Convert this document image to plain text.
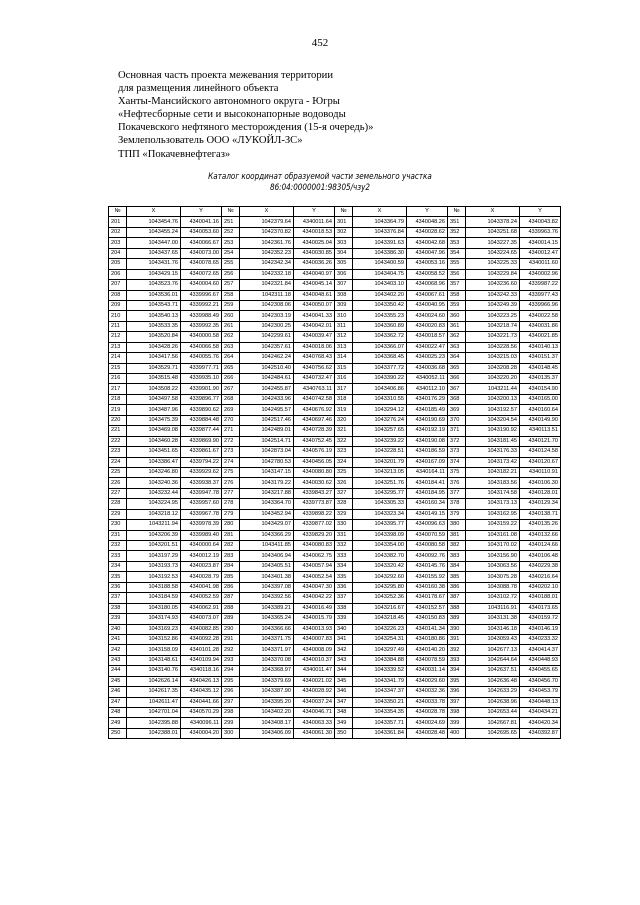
452
Основная часть проекта межевания территории
для размещения линейного объекта
Ханты-Мансийского автономного округа - Югры
«Нефтесборные сети и высоконапорные водоводы
Покачевского нефтяного месторождения (15-я очередь)»
Землепользователь ООО «ЛУКОЙЛ-ЗС»
ТПП «Покачевнефтегаз»
Каталог координат образуемой части земельного участка
86:04:0000001:98305/чзу2
№	X	Y	№	X	Y	№	X	Y	№	X	Y
201	1043454.76	4340041.16	251	1042379.64	4340011.64	301	1043364.79	4340048.26	351	1043378.24	4340043.82
202	1043455.24	4340053.60	252	1042370.82	4340018.53	302	1043376.84	4340028.62	352	1043251.68	4339963.76
203	1043447.00	4340066.67	253	1042361.76	4340025.04	303	1043391.63	4340042.68	353	1043227.35	4340014.15
204	1043437.65	4340073.00	254	1042352.23	4340030.85	304	1043386.30	4340047.96	354	1043224.65	4340012.47
205	1043431.76	4340078.65	255	1042342.34	4340036.26	305	1043400.59	4340053.16	355	1043225.33	4340011.60
206	1043429.15	4340072.65	256	1042332.18	4340040.97	306	1043404.75	4340058.52	356	1043229.84	4340002.96
207	1043523.76	4340004.60	257	1042321.84	4340045.14	307	1043403.10	4340068.96	357	1043236.60	4339987.22
208	1043536.01	4339996.67	258	1042311.18	4340048.61	308	1043402.20	4340067.61	358	1043242.33	4339977.43
209	1043543.71	4339992.21	259	1042308.06	4340050.07	309	1043350.42	4340040.95	359	1043249.39	4339966.96
210	1043540.13	4339988.49	260	1042303.19	4340041.33	310	1043355.23	4340024.60	360	1043223.25	4340022.58
211	1043533.35	4339992.35	261	1042300.25	4340042.01	311	1043360.89	4340020.83	361	1043218.74	4340031.86
212	1043520.84	4340000.58	262	1042299.61	4340039.47	312	1043362.72	4340018.57	362	1043221.73	4340021.85
213	1043428.26	4340066.58	263	1042357.61	4340018.06	313	1043366.07	4340022.47	363	1043228.56	4340140.13
214	1043417.56	4340055.76	264	1042462.24	4340768.43	314	1043368.45	4340025.23	364	1043215.03	4340151.37
215	1043529.71	4339977.71	265	1042510.40	4340756.62	315	1043377.72	4340036.68	365	1043208.28	4340148.45
216	1043515.48	4339935.10	266	1042484.61	4340732.47	316	1043390.22	4340052.11	366	1043220.20	4340135.37
217	1043508.22	4339901.90	267	1042455.87	4340763.11	317	1043406.86	4340112.10	367	1043211.44	4340154.90
218	1043497.58	4339896.77	268	1042433.96	4340742.58	318	1043310.55	4340176.29	368	1043200.13	4340165.00
219	1043487.96	4339890.62	269	1042495.57	4340676.92	319	1043294.12	4340185.49	369	1043192.57	4340160.64
220	1043475.39	4339884.48	270	1042517.46	4340697.46	320	1043276.24	4340190.69	370	1043204.54	4340149.90
221	1043469.08	4339877.44	271	1042489.01	4340728.39	321	1043257.65	4340192.19	371	1043190.92	4340113.51
222	1043460.28	4339869.90	272	1042514.71	4340752.45	322	1043239.22	4340190.08	372	1043181.45	4340121.70
223	1043451.65	4339861.67	273	1042873.04	4340576.19	323	1043228.51	4340186.59	373	1043176.33	4340124.58
224	1043386.47	4339794.22	274	1042780.53	4340456.05	324	1043201.79	4340167.09	374	1043173.42	4340120.67
225	1043246.80	4339929.62	275	1043147.15	4340080.80	325	1043213.05	4340164.11	375	1043182.21	4340110.91
226	1043240.36	4339938.37	276	1043179.22	4340030.62	326	1043251.76	4340184.41	376	1043183.56	4340106.30
227	1043232.44	4339947.78	277	1043217.88	4339843.27	327	1043295.77	4340184.95	377	1043174.58	4340128.01
228	1043224.95	4339957.60	278	1043364.70	4339773.87	328	1043305.33	4340160.34	378	1043173.13	4340129.34
229	1043218.12	4339967.78	279	1043452.94	4339898.22	329	1043323.34	4340149.15	379	1043162.95	4340138.71
230	1043211.94	4339978.39	280	1043429.07	4339877.02	330	1043395.77	4340096.63	380	1043159.22	4340135.26
231	1043206.39	4339989.40	281	1043366.29	4339829.20	331	1043398.09	4340070.59	381	1043161.08	4340132.66
232	1043201.51	4340000.64	282	1043411.85	4340080.83	332	1043354.00	4340080.58	382	1043170.02	4340124.66
233	1043197.29	4340012.19	283	1043406.94	4340062.75	333	1043382.70	4340092.76	383	1043156.90	4340106.48
234	1043193.73	4340023.87	284	1043405.51	4340057.94	334	1043320.42	4340145.76	384	1043063.56	4340229.38
235	1043192.53	4340028.79	285	1043401.38	4340052.54	335	1043292.60	4340155.92	385	1043075.28	4340216.64
236	1043188.58	4340041.98	286	1043397.08	4340047.30	336	1043295.80	4340160.38	386	1043088.78	4340202.10
237	1043184.59	4340052.59	287	1043392.56	4340042.22	337	1043252.36	4340178.67	387	1043102.72	4340188.01
238	1043180.05	4340062.91	288	1043389.21	4340016.49	338	1043216.67	4340152.57	388	1043116.91	4340173.65
239	1043174.93	4340073.07	289	1043365.24	4340015.79	339	1043218.45	4340150.83	389	1043131.38	4340159.72
240	1043169.23	4340082.85	290	1043366.66	4340013.93	340	1043226.23	4340141.34	390	1043146.18	4340146.19
241	1043152.86	4340092.28	291	1043371.75	4340007.83	341	1043254.31	4340180.86	391	1043059.43	4340233.32
242	1043158.09	4340101.28	292	1043371.97	4340008.09	342	1043297.49	4340140.20	392	1042677.13	4340414.37
243	1043148.61	4340109.94	293	1043370.08	4340010.37	343	1043384.88	4340078.59	393	1042644.64	4340448.93
244	1043140.76	4340118.16	294	1043368.97	4340011.47	344	1043339.52	4340031.14	394	1042637.51	4340455.65
245	1042626.14	4340426.13	295	1043379.69	4340021.02	345	1043341.79	4340029.60	395	1042636.48	4340456.70
246	1042617.35	4340435.12	296	1043387.90	4340028.92	346	1043347.37	4340032.36	396	1042633.29	4340453.79
247	1042611.47	4340441.66	297	1043395.20	4340037.24	347	1043350.21	4340033.78	397	1042638.96	4340448.13
248	1042701.04	4340570.29	298	1043402.20	4340046.71	348	1043354.35	4340028.78	398	1042653.44	4340434.21
249	1042395.88	4340096.11	299	1043408.17	4340063.33	349	1043357.71	4340024.69	399	1042667.81	4340420.34
250	1042388.01	4340004.20	300	1043406.09	4340061.30	350	1043361.84	4340028.48	400	1042695.65	4340392.87
